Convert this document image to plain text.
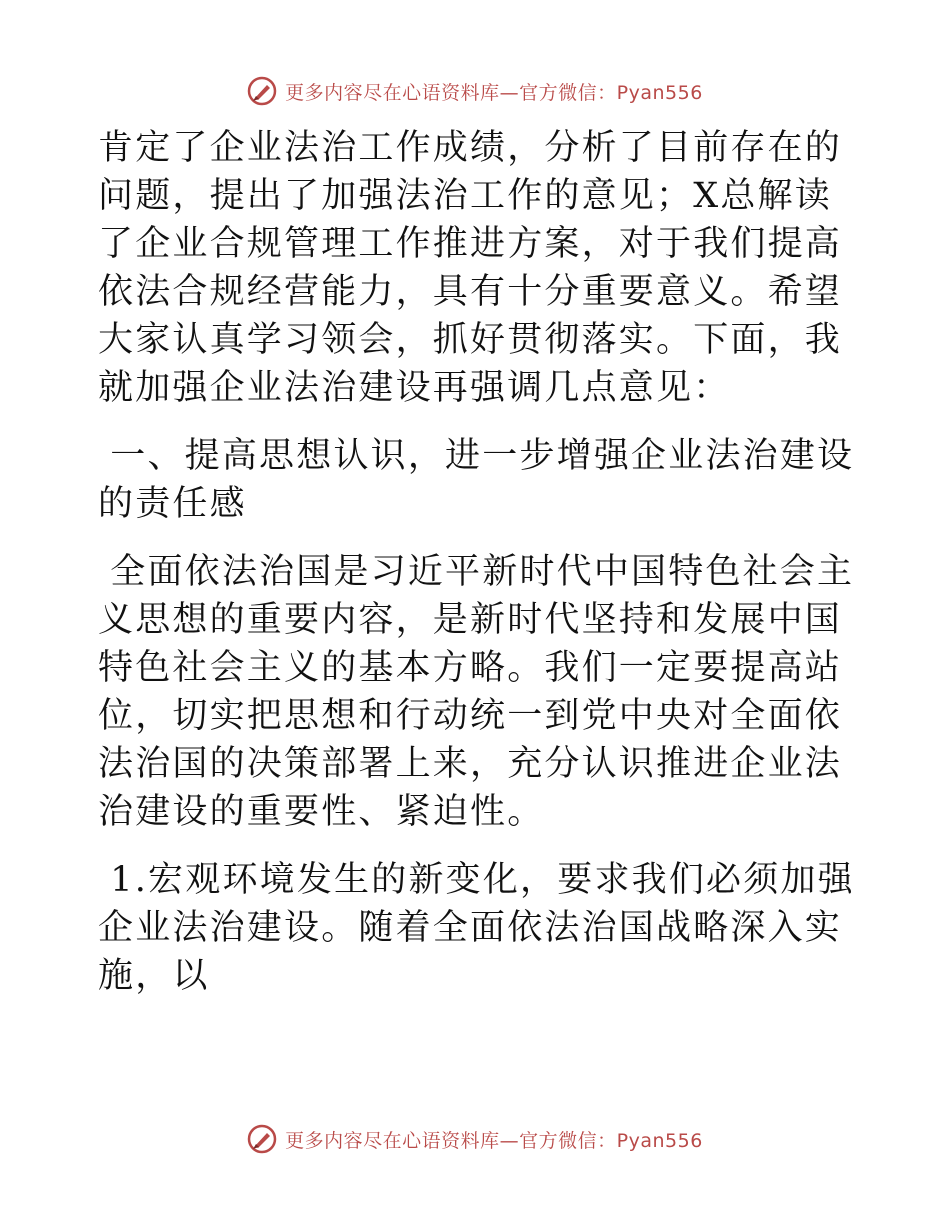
更多内容尽在心语资料库—官方微信：Pyan556

肯定了企业法治工作成绩，分析了目前存在的问题，提出了加强法治工作的意见；X总解读了企业合规管理工作推进方案，对于我们提高依法合规经营能力，具有十分重要意义。希望大家认真学习领会，抓好贯彻落实。下面，我就加强企业法治建设再强调几点意见：

一、提高思想认识，进一步增强企业法治建设的责任感

全面依法治国是习近平新时代中国特色社会主义思想的重要内容，是新时代坚持和发展中国特色社会主义的基本方略。我们一定要提高站位，切实把思想和行动统一到党中央对全面依法治国的决策部署上来，充分认识推进企业法治建设的重要性、紧迫性。

1.宏观环境发生的新变化，要求我们必须加强企业法治建设。随着全面依法治国战略深入实施，以

更多内容尽在心语资料库—官方微信：Pyan556
